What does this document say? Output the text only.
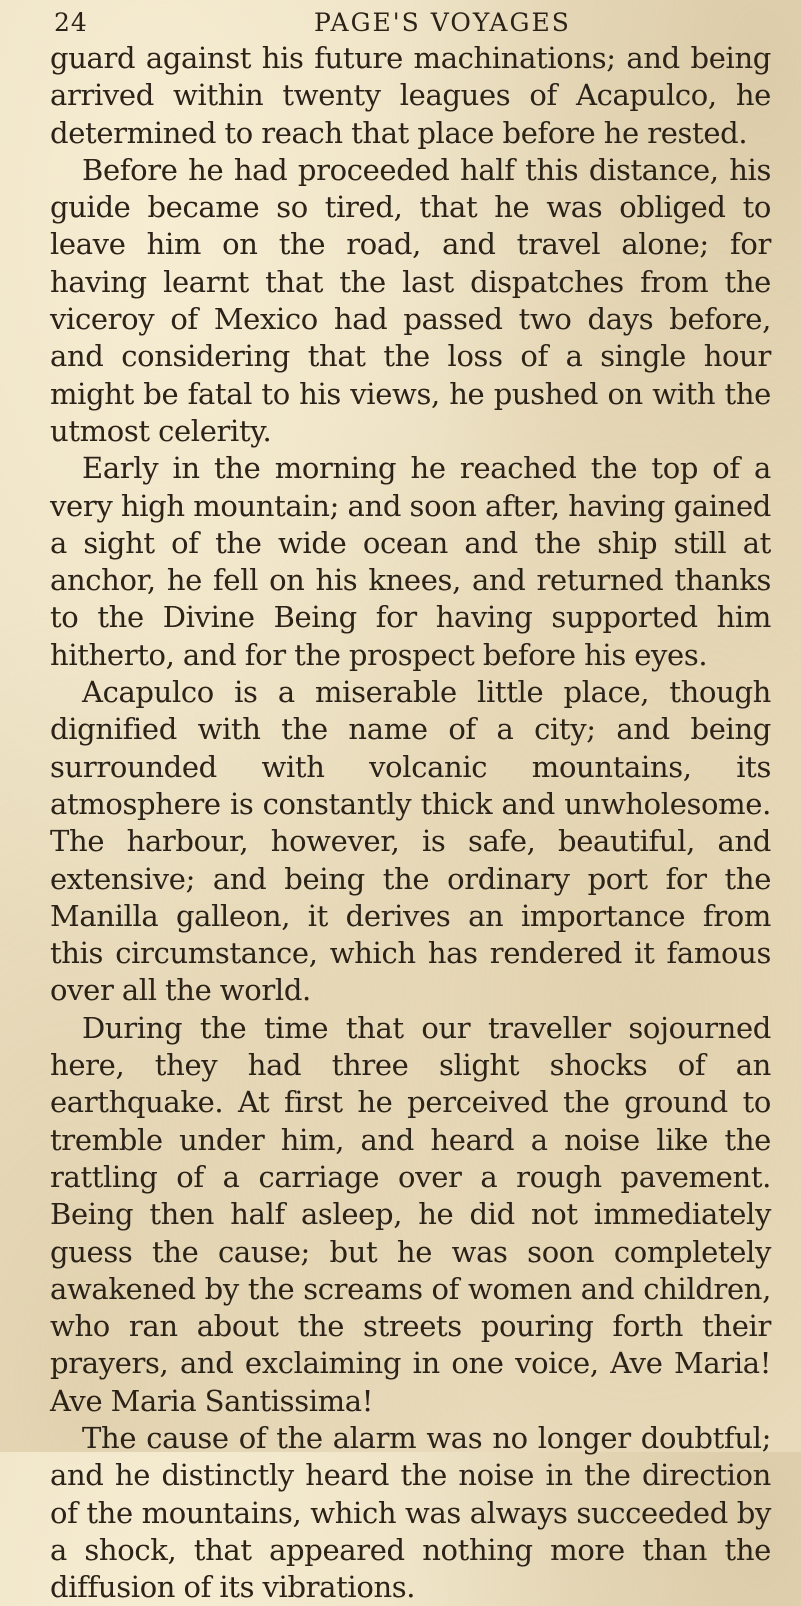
24	PAGE'S VOYAGES

guard against his future machinations; and being arrived within twenty leagues of Acapulco, he determined to reach that place before he rested.

Before he had proceeded half this distance, his guide became so tired, that he was obliged to leave him on the road, and travel alone; for having learnt that the last dispatches from the viceroy of Mexico had passed two days before, and considering that the loss of a single hour might be fatal to his views, he pushed on with the utmost celerity.

Early in the morning he reached the top of a very high mountain; and soon after, having gained a sight of the wide ocean and the ship still at anchor, he fell on his knees, and returned thanks to the Divine Being for having supported him hitherto, and for the prospect before his eyes.

Acapulco is a miserable little place, though dignified with the name of a city; and being surrounded with volcanic mountains, its atmosphere is constantly thick and unwholesome. The harbour, however, is safe, beautiful, and extensive; and being the ordinary port for the Manilla galleon, it derives an importance from this circumstance, which has rendered it famous over all the world.

During the time that our traveller sojourned here, they had three slight shocks of an earthquake. At first he perceived the ground to tremble under him, and heard a noise like the rattling of a carriage over a rough pavement. Being then half asleep, he did not immediately guess the cause; but he was soon completely awakened by the screams of women and children, who ran about the streets pouring forth their prayers, and exclaiming in one voice, Ave Maria! Ave Maria Santissima!

The cause of the alarm was no longer doubtful; and he distinctly heard the noise in the direction of the mountains, which was always succeeded by a shock, that appeared nothing more than the diffusion of its vibrations.
